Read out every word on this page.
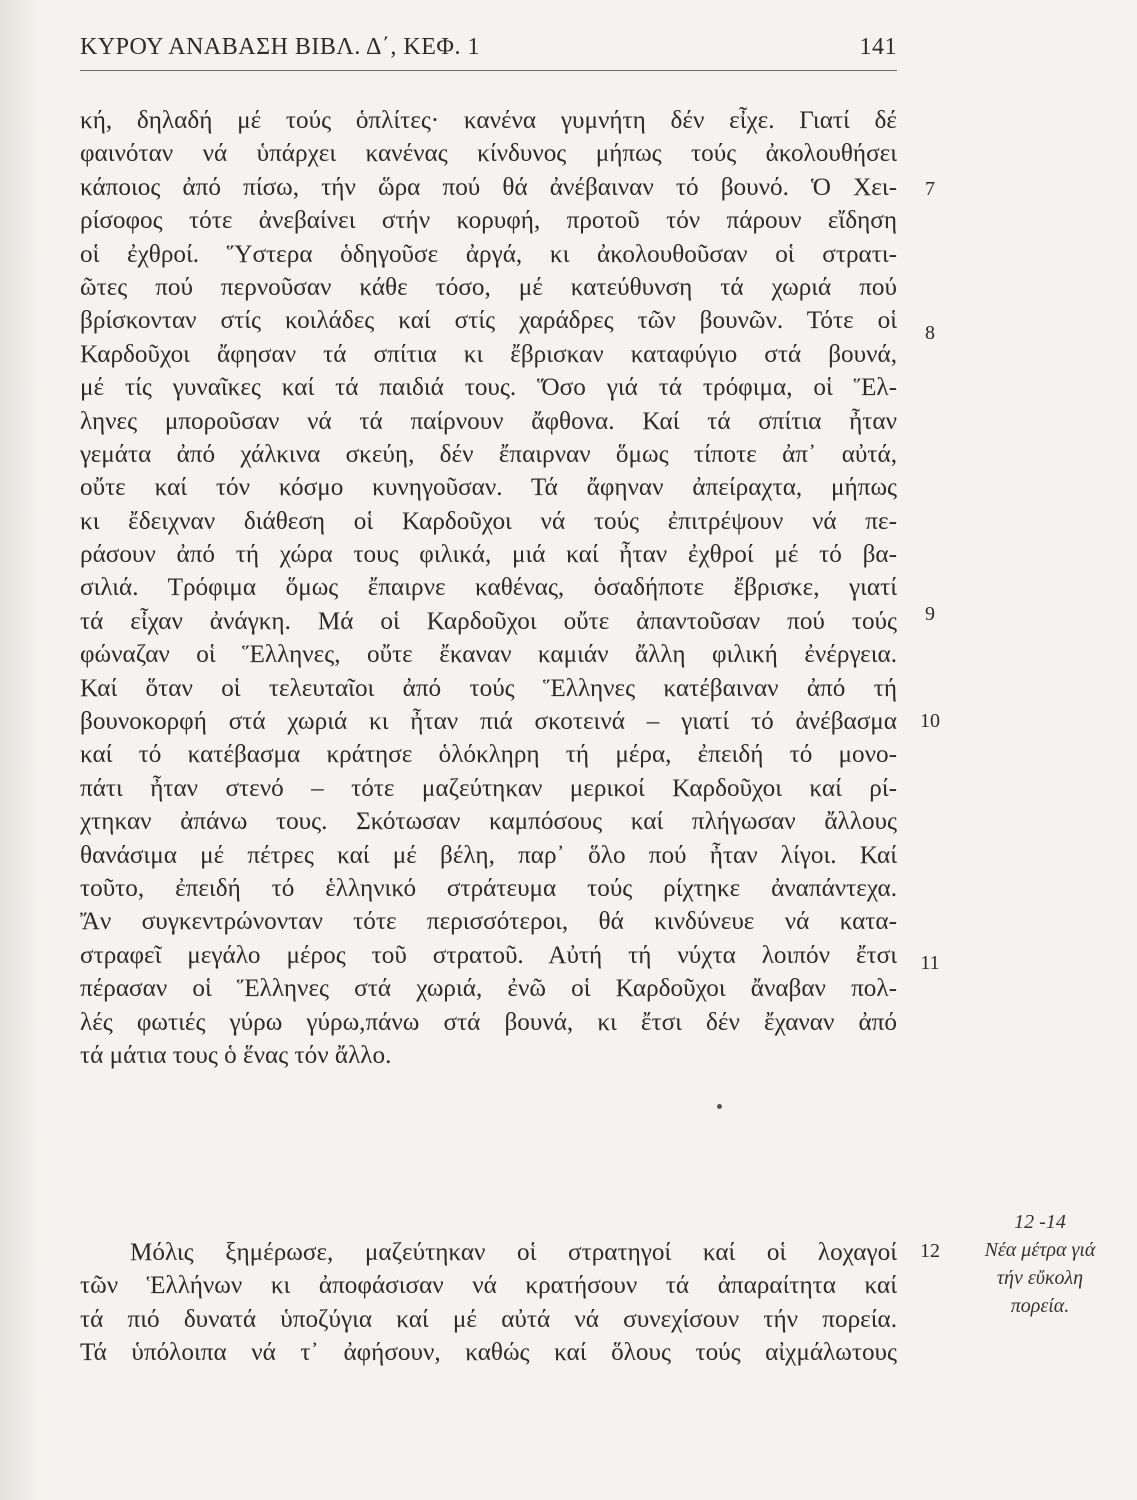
ΚΥΡΟΥ ΑΝΑΒΑΣΗ ΒΙΒΛ. Δ΄, ΚΕΦ. 1	141
κή, δηλαδή μέ τούς ὁπλίτες· κανένα γυμνήτη δέν εἶχε. Γιατί δέ
φαινόταν νά ὑπάρχει κανένας κίνδυνος μήπως τούς ἀκολουθήσει
κάποιος ἀπό πίσω, τήν ὥρα πού θά ἀνέβαιναν τό βουνό. Ὁ Χει-
ρίσοφος τότε ἀνεβαίνει στήν κορυφή, προτοῦ τόν πάρουν εἴδηση
οἱ ἐχθροί. Ὕστερα ὁδηγοῦσε ἀργά, κι ἀκολουθοῦσαν οἱ στρατι-
ῶτες πού περνοῦσαν κάθε τόσο, μέ κατεύθυνση τά χωριά πού
βρίσκονταν στίς κοιλάδες καί στίς χαράδρες τῶν βουνῶν. Τότε οἱ
Καρδοῦχοι ἄφησαν τά σπίτια κι ἔβρισκαν καταφύγιο στά βουνά,
μέ τίς γυναῖκες καί τά παιδιά τους. Ὅσο γιά τά τρόφιμα, οἱ Ἕλ-
ληνες μποροῦσαν νά τά παίρνουν ἄφθονα. Καί τά σπίτια ἦταν
γεμάτα ἀπό χάλκινα σκεύη, δέν ἔπαιρναν ὅμως τίποτε ἀπ᾽ αὐτά,
οὔτε καί τόν κόσμο κυνηγοῦσαν. Τά ἄφηναν ἀπείραχτα, μήπως
κι ἔδειχναν διάθεση οἱ Καρδοῦχοι νά τούς ἐπιτρέψουν νά πε-
ράσουν ἀπό τή χώρα τους φιλικά, μιά καί ἦταν ἐχθροί μέ τό βα-
σιλιά. Τρόφιμα ὅμως ἔπαιρνε καθένας, ὁσαδήποτε ἔβρισκε, γιατί
τά εἶχαν ἀνάγκη. Μά οἱ Καρδοῦχοι οὔτε ἀπαντοῦσαν πού τούς
φώναζαν οἱ Ἕλληνες, οὔτε ἔκαναν καμιάν ἄλλη φιλική ἐνέργεια.
Καί ὅταν οἱ τελευταῖοι ἀπό τούς Ἕλληνες κατέβαιναν ἀπό τή
βουνοκορφή στά χωριά κι ἦταν πιά σκοτεινά – γιατί τό ἀνέβασμα
καί τό κατέβασμα κράτησε ὁλόκληρη τή μέρα, ἐπειδή τό μονο-
πάτι ἦταν στενό – τότε μαζεύτηκαν μερικοί Καρδοῦχοι καί ρί-
χτηκαν ἀπάνω τους. Σκότωσαν καμπόσους καί πλήγωσαν ἄλλους
θανάσιμα μέ πέτρες καί μέ βέλη, παρ᾽ ὅλο πού ἦταν λίγοι. Καί
τοῦτο, ἐπειδή τό ἑλληνικό στράτευμα τούς ρίχτηκε ἀναπάντεχα.
Ἄν συγκεντρώνονταν τότε περισσότεροι, θά κινδύνευε νά κατα-
στραφεῖ μεγάλο μέρος τοῦ στρατοῦ. Αὐτή τή νύχτα λοιπόν ἔτσι
πέρασαν οἱ Ἕλληνες στά χωριά, ἐνῶ οἱ Καρδοῦχοι ἄναβαν πολ-
λές φωτιές γύρω γύρω,πάνω στά βουνά, κι ἔτσι δέν ἔχαναν ἀπό
τά μάτια τους ὁ ἕνας τόν ἄλλο.
Μόλις ξημέρωσε, μαζεύτηκαν οἱ στρατηγοί καί οἱ λοχαγοί
τῶν Ἑλλήνων κι ἀποφάσισαν νά κρατήσουν τά ἀπαραίτητα καί
τά πιό δυνατά ὑποζύγια καί μέ αὐτά νά συνεχίσουν τήν πορεία.
Τά ὑπόλοιπα νά τ᾽ ἀφήσουν, καθώς καί ὅλους τούς αἰχμάλωτους
7
8
9
10
11
12
12 -14
Νέα μέτρα γιά
τήν εὔκολη
πορεία.
